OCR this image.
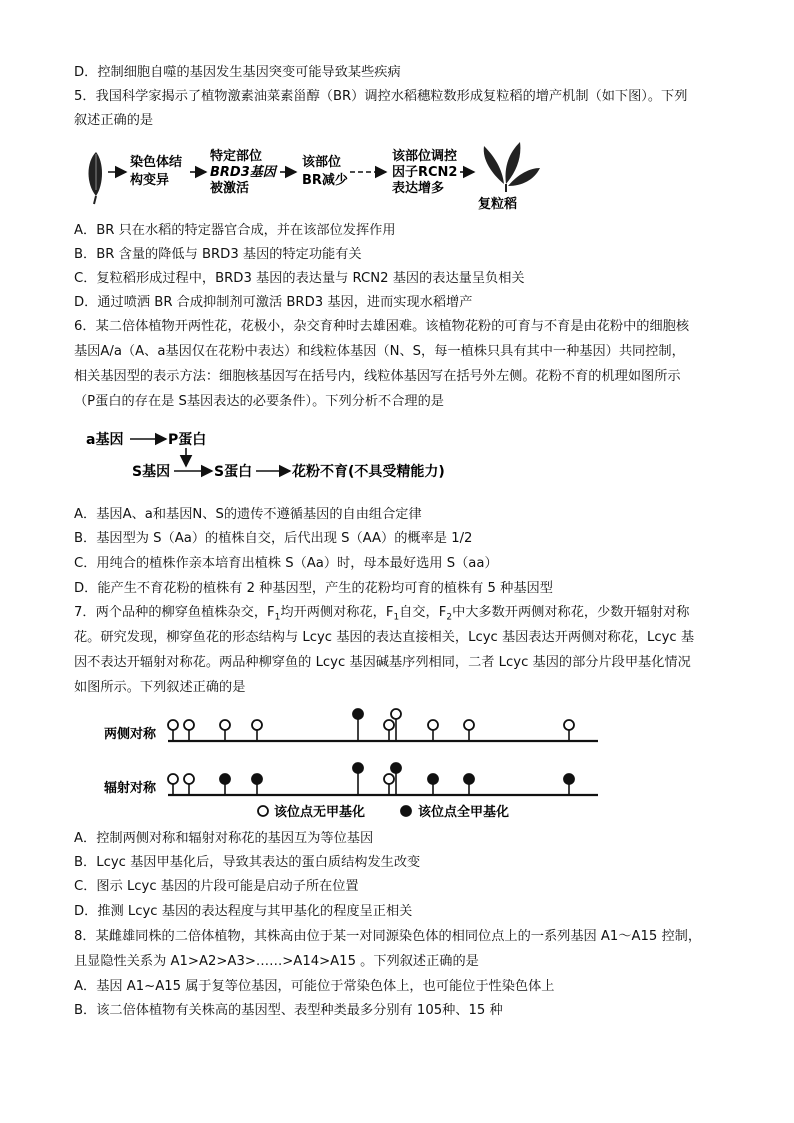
D．控制细胞自噬的基因发生基因突变可能导致某些疾病
5．我国科学家揭示了植物激素油菜素甾醇（BR）调控水稻穗粒数形成复粒稻的增产机制（如下图）。下列
叙述正确的是
染色体结
构变异
特定部位
BRD3基因
被激活
该部位
BR减少
该部位调控
因子RCN2
表达增多
复粒稻
A．BR 只在水稻的特定器官合成，并在该部位发挥作用
B．BR 含量的降低与 BRD3 基因的特定功能有关
C．复粒稻形成过程中，BRD3 基因的表达量与 RCN2 基因的表达量呈负相关
D．通过喷洒 BR 合成抑制剂可激活 BRD3 基因，进而实现水稻增产
6．某二倍体植物开两性花，花极小，杂交育种时去雄困难。该植物花粉的可育与不育是由花粉中的细胞核
基因A/a（A、a基因仅在花粉中表达）和线粒体基因（N、S，每一植株只具有其中一种基因）共同控制，
相关基因型的表示方法：细胞核基因写在括号内，线粒体基因写在括号外左侧。花粉不育的机理如图所示
（P蛋白的存在是 S基因表达的必要条件）。下列分析不合理的是
a基因	P蛋白
S基因	S蛋白	花粉不育(不具受精能力)
A．基因A、a和基因N、S的遗传不遵循基因的自由组合定律
B．基因型为 S（Aa）的植株自交，后代出现 S（AA）的概率是 1/2
C．用纯合的植株作亲本培育出植株 S（Aa）时，母本最好选用 S（aa）
D．能产生不育花粉的植株有 2 种基因型，产生的花粉均可育的植株有 5 种基因型
7．两个品种的柳穿鱼植株杂交，$F_1$均开两侧对称花，$F_1$自交，$F_2$中大多数开两侧对称花，少数开辐射对称
花。研究发现，柳穿鱼花的形态结构与 Lcyc 基因的表达直接相关，Lcyc 基因表达开两侧对称花，Lcyc 基
因不表达开辐射对称花。两品种柳穿鱼的 Lcyc 基因碱基序列相同，二者 Lcyc 基因的部分片段甲基化情况
如图所示。下列叙述正确的是
两侧对称
辐射对称
该位点无甲基化	该位点全甲基化
A．控制两侧对称和辐射对称花的基因互为等位基因
B．Lcyc 基因甲基化后，导致其表达的蛋白质结构发生改变
C．图示 Lcyc 基因的片段可能是启动子所在位置
D．推测 Lcyc 基因的表达程度与其甲基化的程度呈正相关
8．某雌雄同株的二倍体植物，其株高由位于某一对同源染色体的相同位点上的一系列基因 A1～A15 控制，
且显隐性关系为 A1>A2>A3>……>A14>A15 。下列叙述正确的是
A．基因 A1~A15 属于复等位基因，可能位于常染色体上，也可能位于性染色体上
B．该二倍体植物有关株高的基因型、表型种类最多分别有 105种、15 种
